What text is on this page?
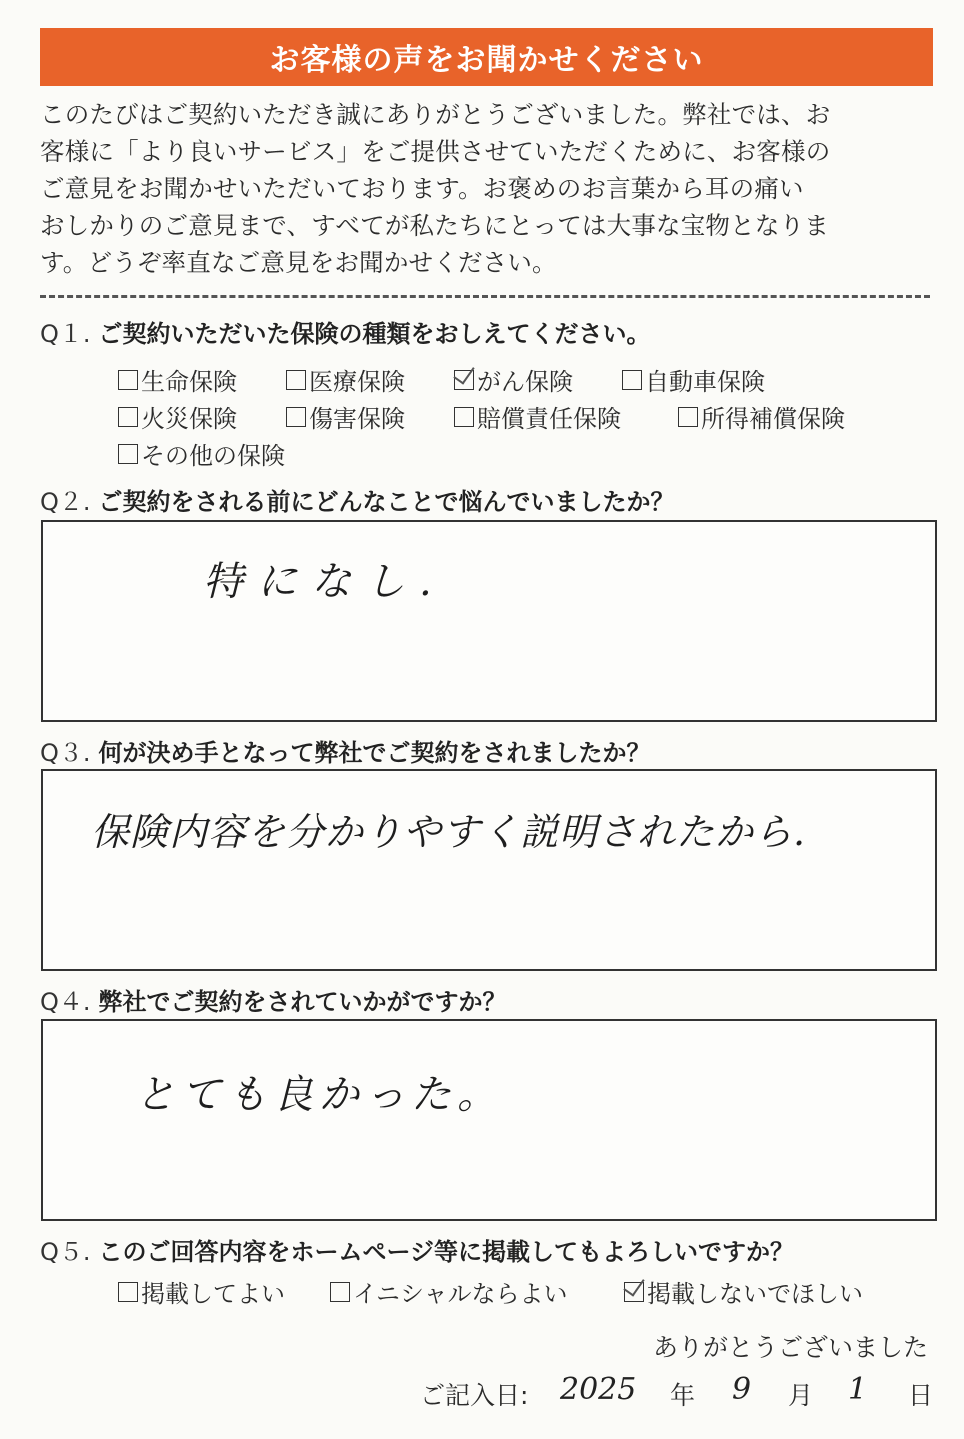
お客様の声をお聞かせください
このたびはご契約いただき誠にありがとうございました。弊社では、お
客様に「より良いサービス」をご提供させていただくために、お客様の
ご意見をお聞かせいただいております。お褒めのお言葉から耳の痛い
おしかりのご意見まで、すべてが私たちにとっては大事な宝物となりま
す。どうぞ率直なご意見をお聞かせください。
Q１. ご契約いただいた保険の種類をおしえてください。
生命保険	医療保険	がん保険	自動車保険
火災保険	傷害保険	賠償責任保険	所得補償保険
その他の保険
Q２. ご契約をされる前にどんなことで悩んでいましたか？
特になし.
Q３. 何が決め手となって弊社でご契約をされましたか？
保険内容を分かりやすく説明されたから.
Q４. 弊社でご契約をされていかがですか？
とても良かった。
Q５. このご回答内容をホームページ等に掲載してもよろしいですか？
掲載してよい	イニシャルならよい	掲載しないでほしい
ありがとうございました
ご記入日: 2025 年 9 月 1 日
